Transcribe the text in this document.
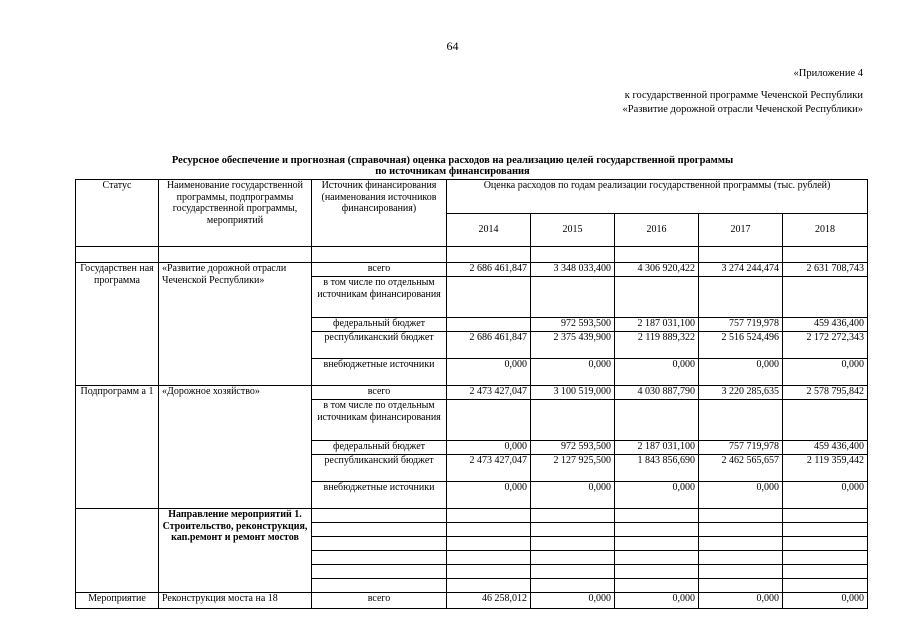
64
«Приложение 4
к государственной программе Чеченской Республики
«Развитие дорожной отрасли Чеченской Республики»
Ресурсное обеспечение и прогнозная (справочная) оценка расходов на реализацию целей государственной программы
по источникам финансирования
Статус	Наименование государственной программы, подпрограммы государственной программы, мероприятий	Источник финансирования (наименования источников финансирования)	Оценка расходов по годам реализации государственной программы (тыс. рублей)				
			2014	2015	2016	2017	2018

Государствен ная программа	«Развитие дорожной отрасли Чеченской Республики»	всего	2 686 461,847	3 348 033,400	4 306 920,422	3 274 244,474	2 631 708,743
		в том числе по отдельным источникам финансирования					
		федеральный бюджет		972 593,500	2 187 031,100	757 719,978	459 436,400
		республиканский бюджет	2 686 461,847	2 375 439,900	2 119 889,322	2 516 524,496	2 172 272,343
		внебюджетные источники	0,000	0,000	0,000	0,000	0,000
Подпрограмм а 1	«Дорожное хозяйство»	всего	2 473 427,047	3 100 519,000	4 030 887,790	3 220 285,635	2 578 795,842
		в том числе по отдельным источникам финансирования					
		федеральный бюджет	0,000	972 593,500	2 187 031,100	757 719,978	459 436,400
		республиканский бюджет	2 473 427,047	2 127 925,500	1 843 856,690	2 462 565,657	2 119 359,442
		внебюджетные источники	0,000	0,000	0,000	0,000	0,000
	Направление мероприятий 1. Строительство, реконструкция, кап.ремонт и ремонт мостов						

Мероприятие	Реконструкция моста на 18	всего	46 258,012	0,000	0,000	0,000	0,000
